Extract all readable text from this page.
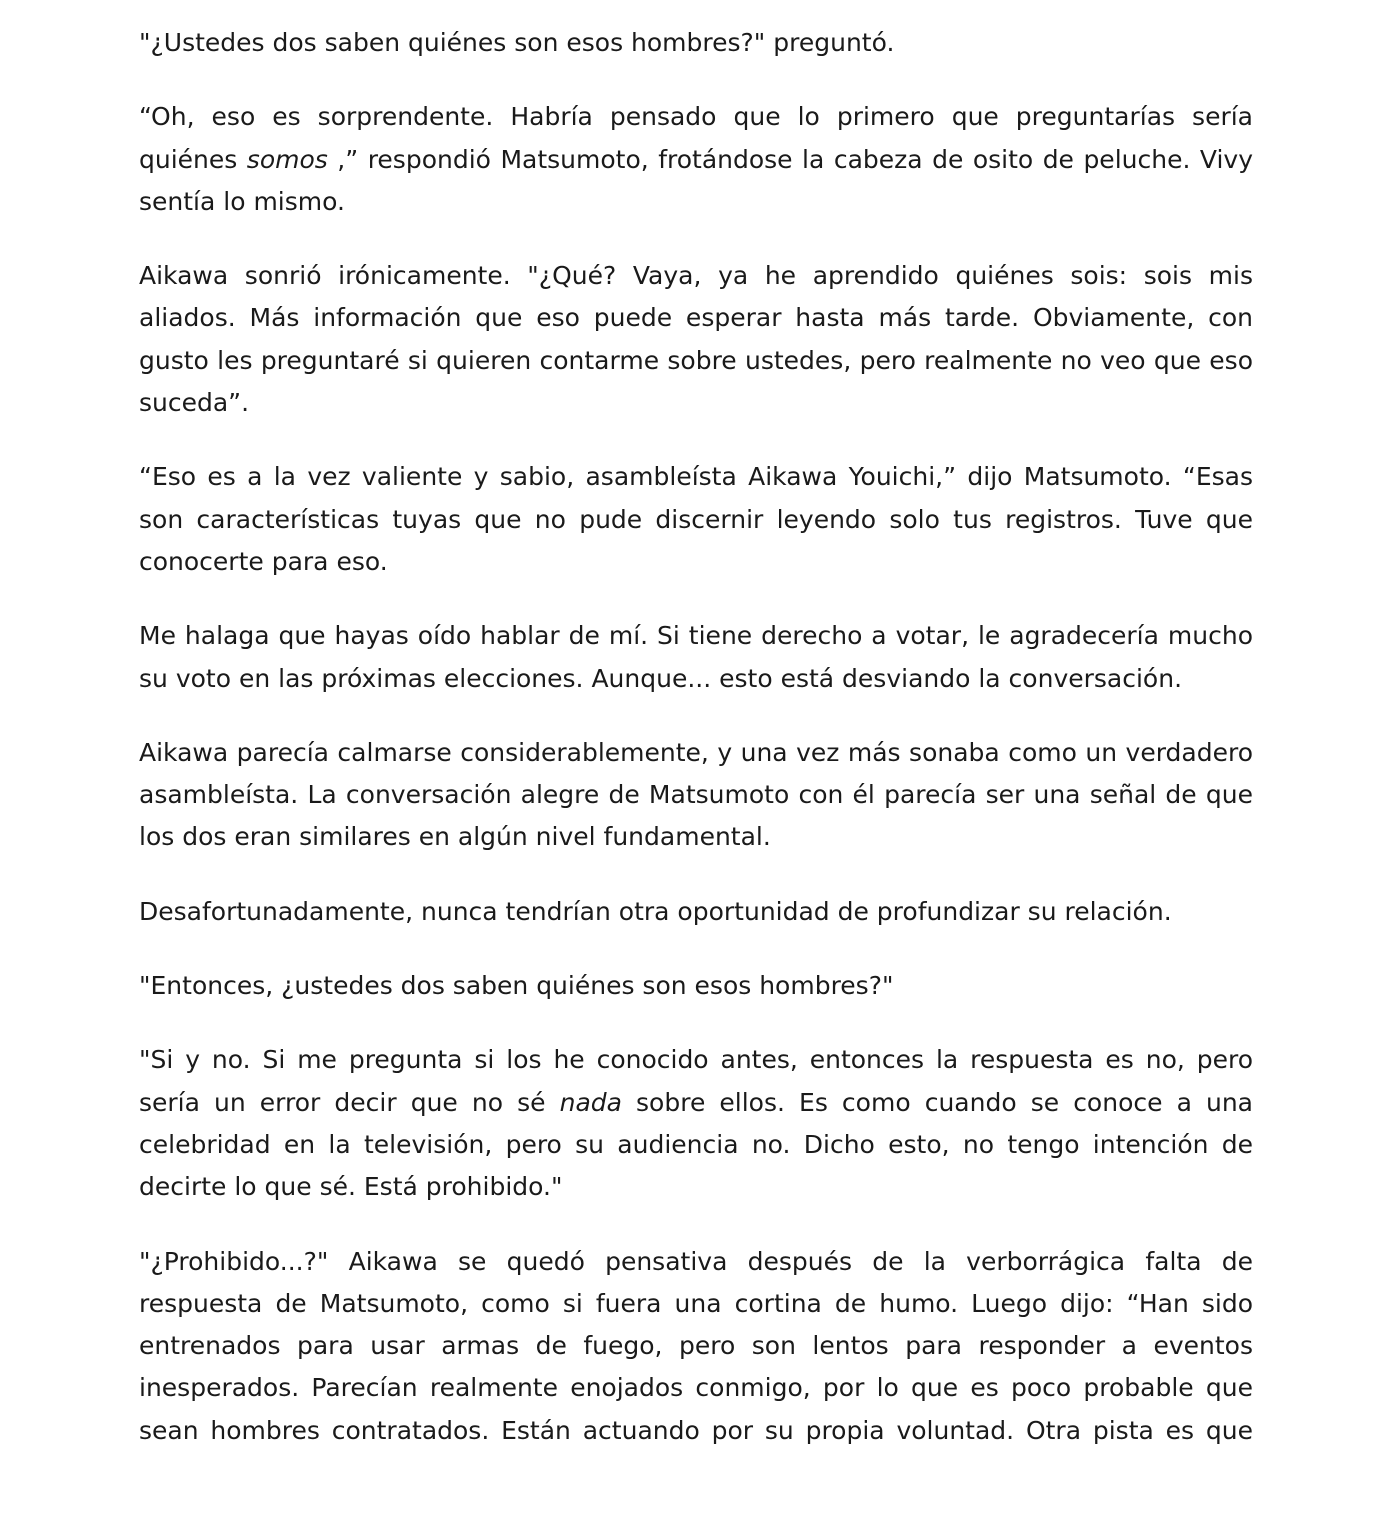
"¿Ustedes dos saben quiénes son esos hombres?" preguntó.

“Oh, eso es sorprendente. Habría pensado que lo primero que preguntarías sería quiénes somos ,” respondió Matsumoto, frotándose la cabeza de osito de peluche. Vivy sentía lo mismo.

Aikawa sonrió irónicamente. "¿Qué? Vaya, ya he aprendido quiénes sois: sois mis aliados. Más información que eso puede esperar hasta más tarde. Obviamente, con gusto les preguntaré si quieren contarme sobre ustedes, pero realmente no veo que eso suceda”.

“Eso es a la vez valiente y sabio, asambleísta Aikawa Youichi,” dijo Matsumoto. “Esas son características tuyas que no pude discernir leyendo solo tus registros. Tuve que conocerte para eso.

Me halaga que hayas oído hablar de mí. Si tiene derecho a votar, le agradecería mucho su voto en las próximas elecciones. Aunque... esto está desviando la conversación.

Aikawa parecía calmarse considerablemente, y una vez más sonaba como un verdadero asambleísta. La conversación alegre de Matsumoto con él parecía ser una señal de que los dos eran similares en algún nivel fundamental.

Desafortunadamente, nunca tendrían otra oportunidad de profundizar su relación.

"Entonces, ¿ustedes dos saben quiénes son esos hombres?"

"Si y no. Si me pregunta si los he conocido antes, entonces la respuesta es no, pero sería un error decir que no sé nada sobre ellos. Es como cuando se conoce a una celebridad en la televisión, pero su audiencia no. Dicho esto, no tengo intención de decirte lo que sé. Está prohibido."

"¿Prohibido...?" Aikawa se quedó pensativa después de la verborrágica falta de respuesta de Matsumoto, como si fuera una cortina de humo. Luego dijo: “Han sido entrenados para usar armas de fuego, pero son lentos para responder a eventos inesperados. Parecían realmente enojados conmigo, por lo que es poco probable que sean hombres contratados. Están actuando por su propia voluntad. Otra pista es que
